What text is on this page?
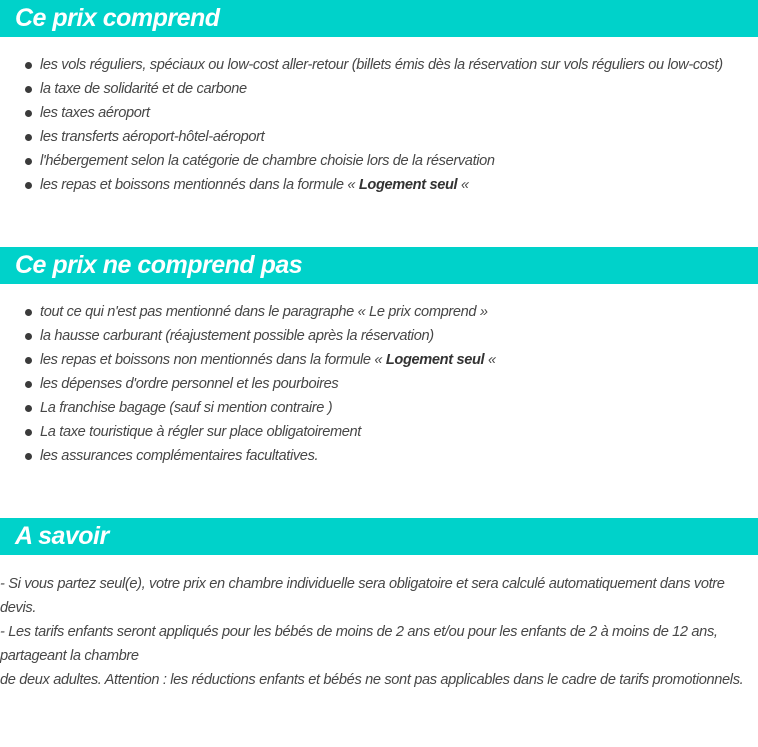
Ce prix comprend
les vols réguliers, spéciaux ou low-cost aller-retour (billets émis dès la réservation sur vols réguliers ou low-cost)
la taxe de solidarité et de carbone
les taxes aéroport
les transferts aéroport-hôtel-aéroport
l'hébergement selon la catégorie de chambre choisie lors de la réservation
les repas et boissons mentionnés dans la formule « Logement seul «
Ce prix ne comprend pas
tout ce qui n'est pas mentionné dans le paragraphe « Le prix comprend »
la hausse carburant (réajustement possible après la réservation)
les repas et boissons non mentionnés dans la formule « Logement seul «
les dépenses d'ordre personnel et les pourboires
La franchise bagage (sauf si mention contraire )
La taxe touristique à régler sur place obligatoirement
les assurances complémentaires facultatives.
A savoir

- Si vous partez seul(e), votre prix en chambre individuelle sera obligatoire et sera calculé automatiquement dans votre devis.

- Les tarifs enfants seront appliqués pour les bébés de moins de 2 ans et/ou pour les enfants de 2 à moins de 12 ans, partageant la chambre

de deux adultes. Attention : les réductions enfants et bébés ne sont pas applicables dans le cadre de tarifs promotionnels.
